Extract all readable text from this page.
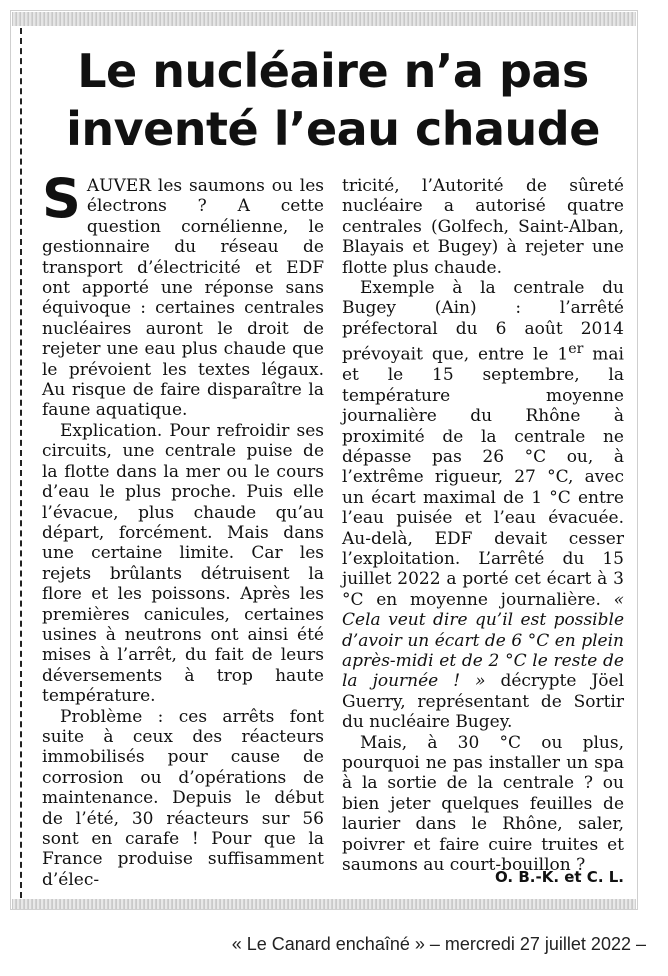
Le nucléaire n’a pas
inventé l’eau chaude

SAUVER les saumons ou les électrons ? A cette question cornélienne, le gestionnaire du réseau de transport d’électricité et EDF ont apporté une réponse sans équivoque : certaines centrales nucléaires auront le droit de rejeter une eau plus chaude que le prévoient les textes légaux. Au risque de faire disparaître la faune aquatique.

Explication. Pour refroidir ses circuits, une centrale puise de la flotte dans la mer ou le cours d’eau le plus proche. Puis elle l’évacue, plus chaude qu’au départ, forcément. Mais dans une certaine limite. Car les rejets brûlants détruisent la flore et les poissons. Après les premières canicules, certaines usines à neutrons ont ainsi été mises à l’arrêt, du fait de leurs déversements à trop haute température.

Problème : ces arrêts font suite à ceux des réacteurs immobilisés pour cause de corrosion ou d’opérations de maintenance. Depuis le début de l’été, 30 réacteurs sur 56 sont en carafe ! Pour que la France produise suffisamment d’élec-

tricité, l’Autorité de sûreté nucléaire a autorisé quatre centrales (Golfech, Saint-Alban, Blayais et Bugey) à rejeter une flotte plus chaude.

Exemple à la centrale du Bugey (Ain) : l’arrêté préfectoral du 6 août 2014 prévoyait que, entre le 1er mai et le 15 septembre, la température moyenne journalière du Rhône à proximité de la centrale ne dépasse pas 26 °C ou, à l’extrême rigueur, 27 °C, avec un écart maximal de 1 °C entre l’eau puisée et l’eau évacuée. Au-delà, EDF devait cesser l’exploitation. L’arrêté du 15 juillet 2022 a porté cet écart à 3 °C en moyenne journalière. « Cela veut dire qu’il est possible d’avoir un écart de 6 °C en plein après-midi et de 2 °C le reste de la journée ! » décrypte Jöel Guerry, représentant de Sortir du nucléaire Bugey.

Mais, à 30 °C ou plus, pourquoi ne pas installer un spa à la sortie de la centrale ? ou bien jeter quelques feuilles de laurier dans le Rhône, saler, poivrer et faire cuire truites et saumons au court-bouillon ?

O. B.-K. et C. L.
« Le Canard enchaîné » – mercredi 27 juillet 2022 –
